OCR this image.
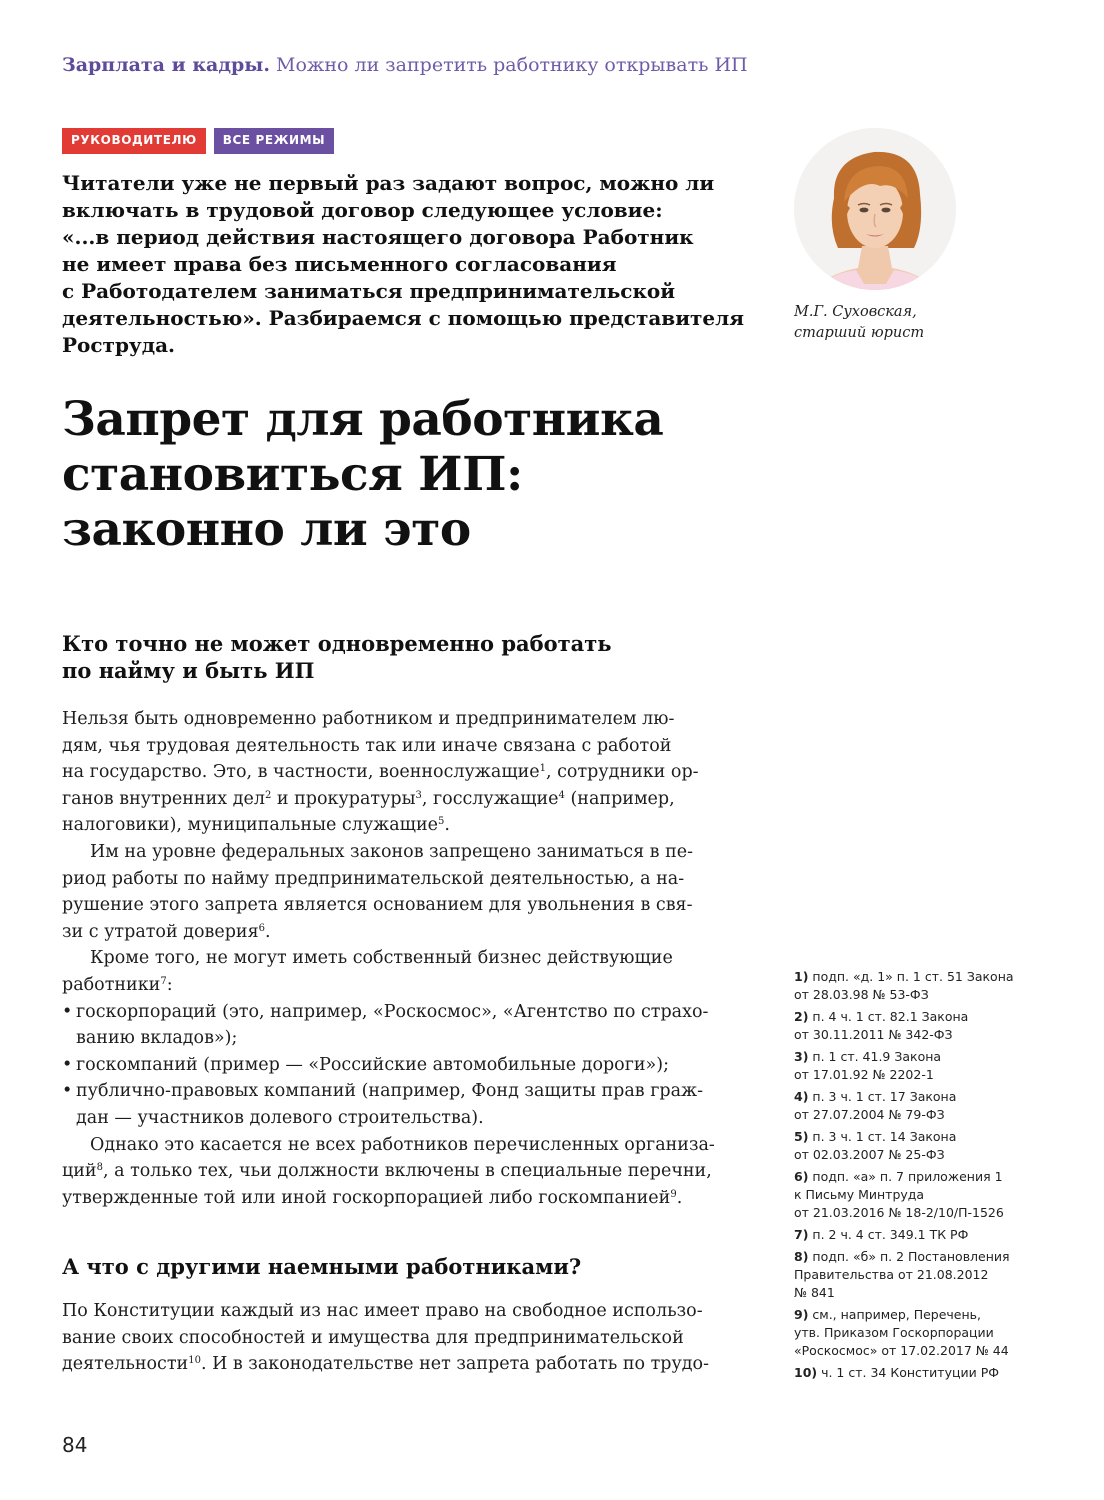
Зарплата и кадры. Можно ли запретить работнику открывать ИП
РУКОВОДИТЕЛЮ	ВСЕ РЕЖИМЫ

Читатели уже не первый раз задают вопрос, можно ли
включать в трудовой договор следующее условие:
«...в период действия настоящего договора Работник
не имеет права без письменного согласования
с Работодателем заниматься предпринимательской
деятельностью». Разбираемся с помощью представителя
Роструда.

М.Г. Суховская,
старший юрист
Запрет для работника
становиться ИП:
законно ли это
Кто точно не может одновременно работать
по найму и быть ИП
Нельзя быть одновременно работником и предпринимателем лю-
дям, чья трудовая деятельность так или иначе связана с работой
на государство. Это, в частности, военнослужащие$^1$, сотрудники ор-
ганов внутренних дел$^2$ и прокуратуры$^3$, госслужащие$^4$ (например,
налоговики), муниципальные служащие$^5$.
Им на уровне федеральных законов запрещено заниматься в пе-
риод работы по найму предпринимательской деятельностью, а на-
рушение этого запрета является основанием для увольнения в свя-
зи с утратой доверия$^6$.
Кроме того, не могут иметь собственный бизнес действующие
работники$^7$:
• госкорпораций (это, например, «Роскосмос», «Агентство по страхо-
ванию вкладов»);
• госкомпаний (пример — «Российские автомобильные дороги»);
• публично-правовых компаний (например, Фонд защиты прав граж-
дан — участников долевого строительства).
Однако это касается не всех работников перечисленных организа-
ций$^8$, а только тех, чьи должности включены в специальные перечни,
утвержденные той или иной госкорпорацией либо госкомпанией$^9$.
А что с другими наемными работниками?
По Конституции каждый из нас имеет право на свободное использо-
вание своих способностей и имущества для предпринимательской
деятельности$^{10}$. И в законодательстве нет запрета работать по трудо-
1) подп. «д. 1» п. 1 ст. 51 Закона
от 28.03.98 № 53-ФЗ
2) п. 4 ч. 1 ст. 82.1 Закона
от 30.11.2011 № 342-ФЗ
3) п. 1 ст. 41.9 Закона
от 17.01.92 № 2202-1
4) п. 3 ч. 1 ст. 17 Закона
от 27.07.2004 № 79-ФЗ
5) п. 3 ч. 1 ст. 14 Закона
от 02.03.2007 № 25-ФЗ
6) подп. «а» п. 7 приложения 1
к Письму Минтруда
от 21.03.2016 № 18-2/10/П-1526
7) п. 2 ч. 4 ст. 349.1 ТК РФ
8) подп. «б» п. 2 Постановления
Правительства от 21.08.2012
№ 841
9) см., например, Перечень,
утв. Приказом Госкорпорации
«Роскосмос» от 17.02.2017 № 44
10) ч. 1 ст. 34 Конституции РФ
84
